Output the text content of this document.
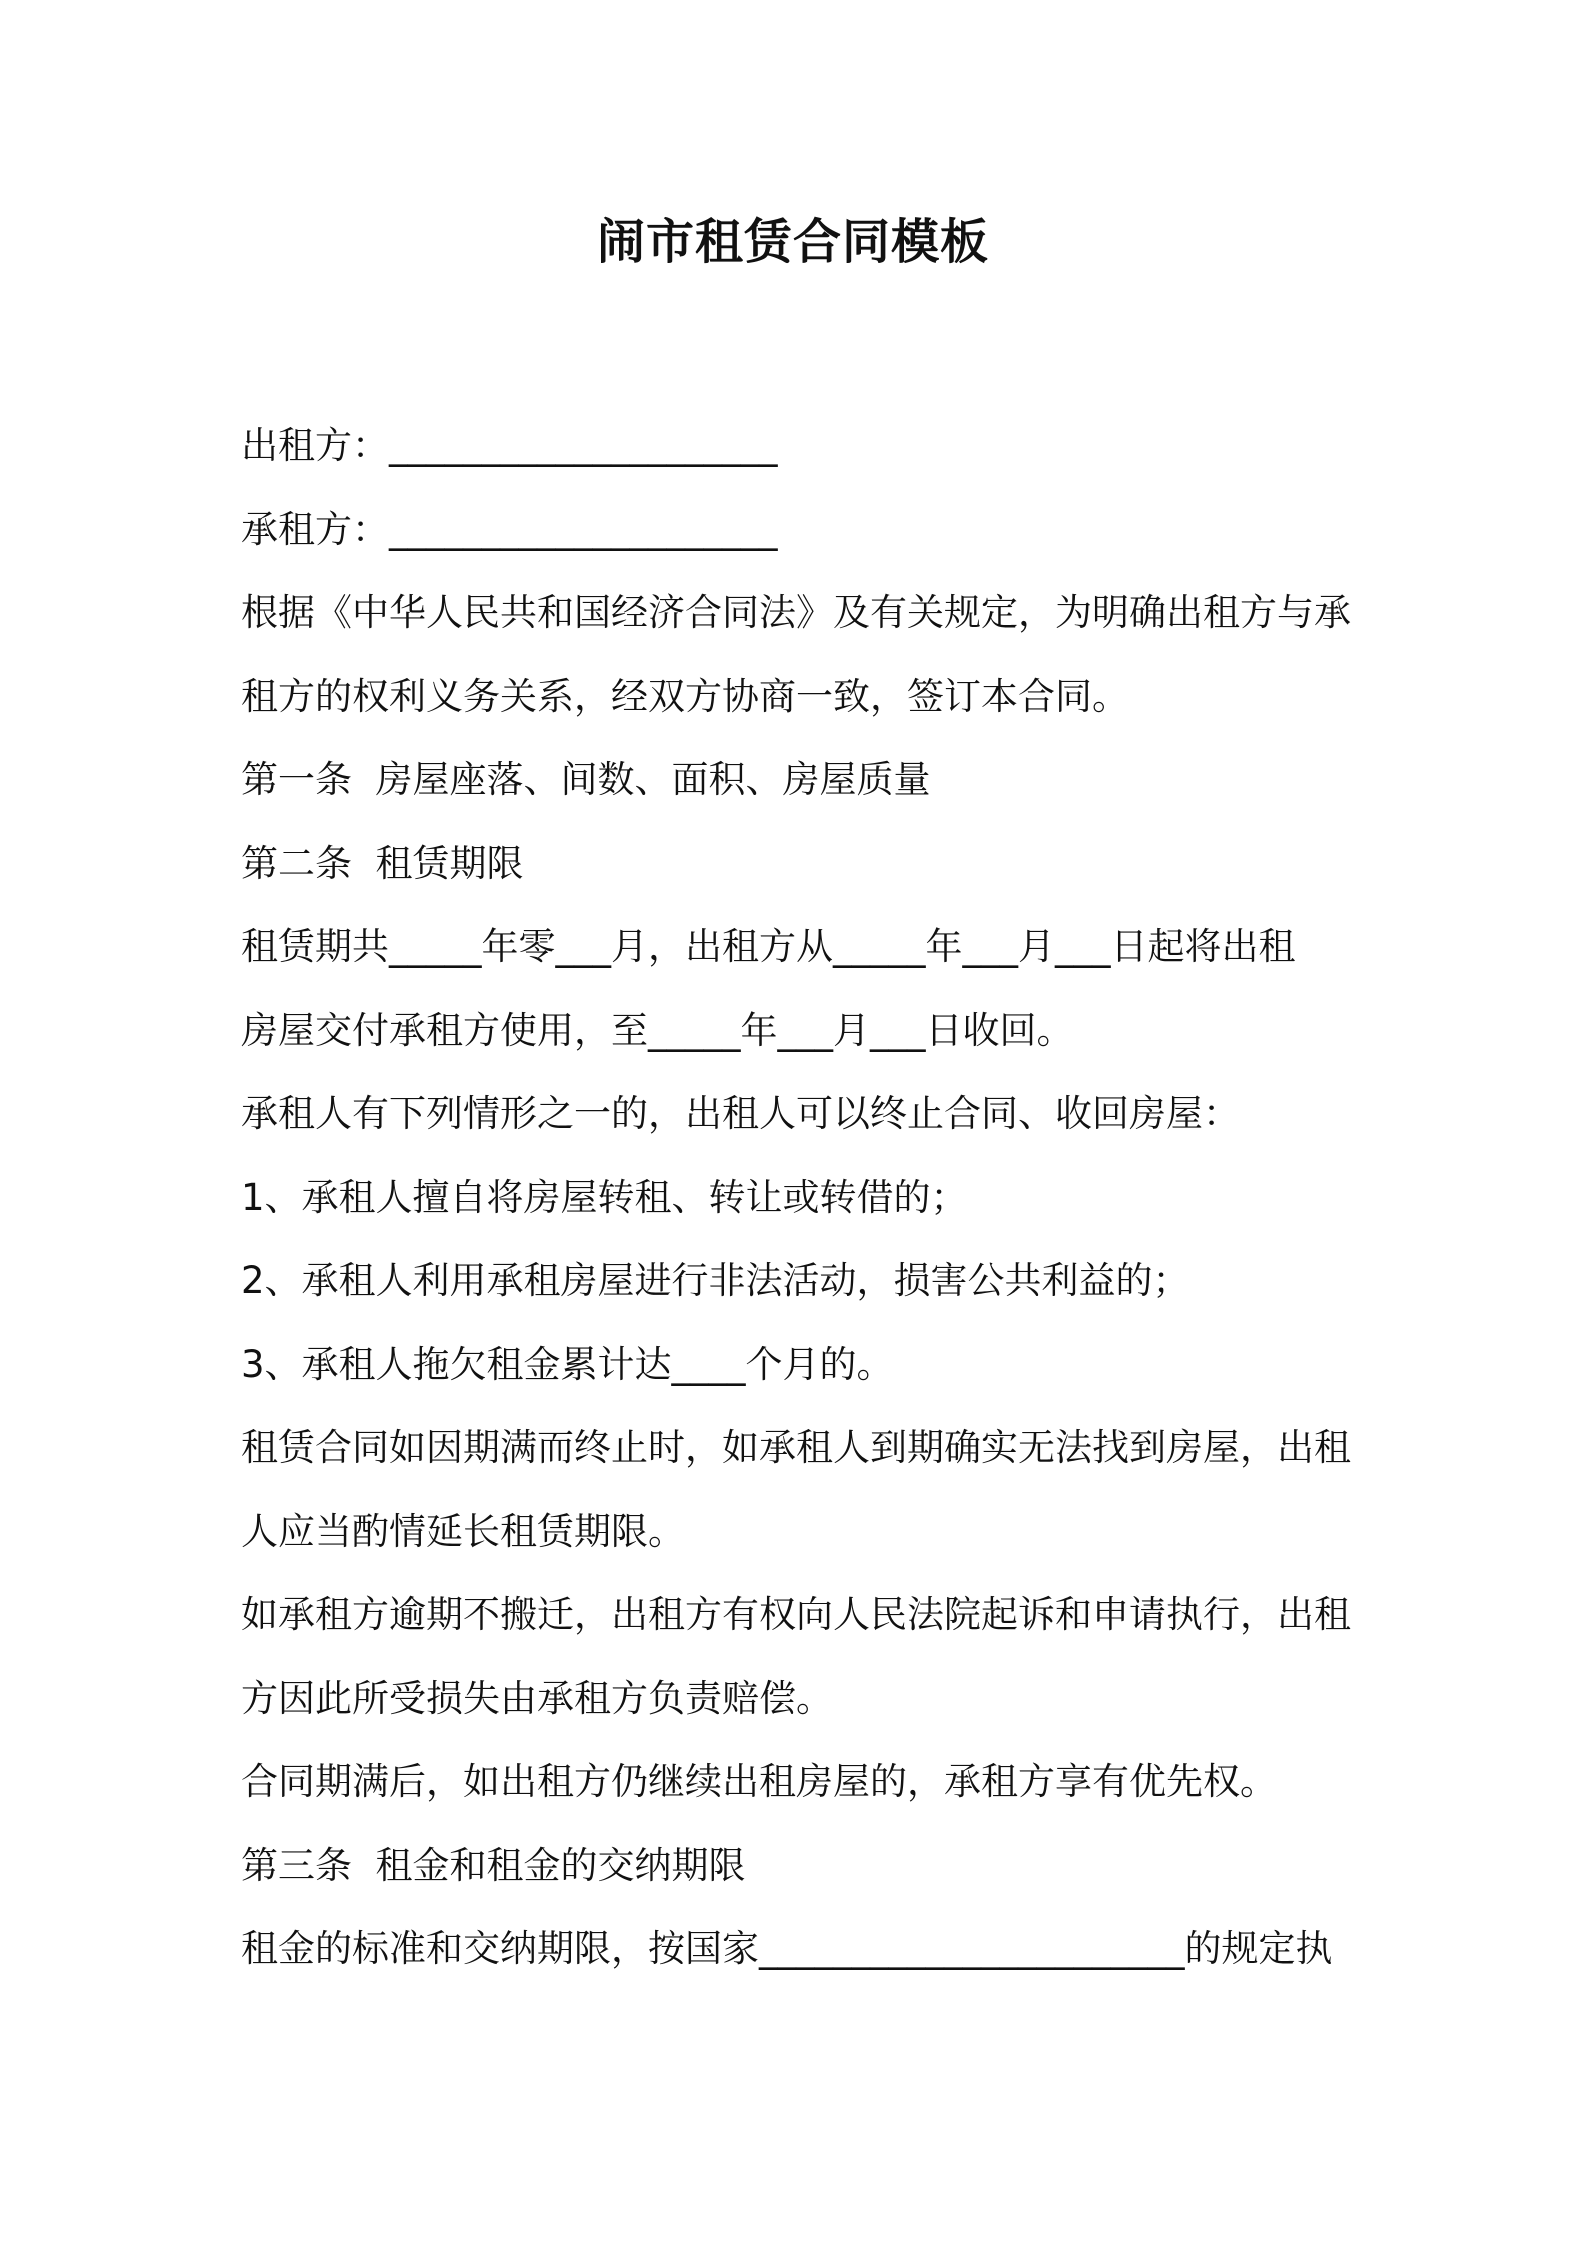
闹市租赁合同模板

出租方：_____________________

承租方：_____________________

根据《中华人民共和国经济合同法》及有关规定，为明确出租方与承

租方的权利义务关系，经双方协商一致，签订本合同。

第一条  房屋座落、间数、面积、房屋质量

第二条  租赁期限

租赁期共_____年零___月，出租方从_____年___月___日起将出租

房屋交付承租方使用，至_____年___月___日收回。

承租人有下列情形之一的，出租人可以终止合同、收回房屋：

1、承租人擅自将房屋转租、转让或转借的；

2、承租人利用承租房屋进行非法活动，损害公共利益的；

3、承租人拖欠租金累计达____个月的。

租赁合同如因期满而终止时，如承租人到期确实无法找到房屋，出租

人应当酌情延长租赁期限。

如承租方逾期不搬迁，出租方有权向人民法院起诉和申请执行，出租

方因此所受损失由承租方负责赔偿。

合同期满后，如出租方仍继续出租房屋的，承租方享有优先权。

第三条  租金和租金的交纳期限

租金的标准和交纳期限，按国家_______________________的规定执
